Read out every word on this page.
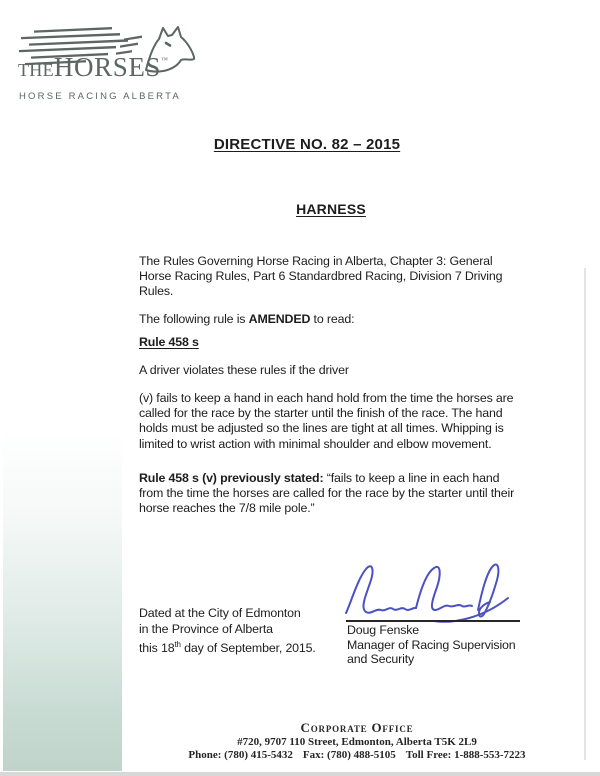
THEHORSES™
HORSE RACING ALBERTA
DIRECTIVE NO. 82 – 2015
HARNESS

The Rules Governing Horse Racing in Alberta, Chapter 3: General Horse Racing Rules, Part 6 Standardbred Racing, Division 7 Driving Rules.

The following rule is AMENDED to read:

Rule 458 s

A driver violates these rules if the driver

(v) fails to keep a hand in each hand hold from the time the horses are called for the race by the starter until the finish of the race. The hand holds must be adjusted so the lines are tight at all times. Whipping is limited to wrist action with minimal shoulder and elbow movement.

Rule 458 s (v) previously stated: “fails to keep a line in each hand from the time the horses are called for the race by the starter until their horse reaches the 7/8 mile pole.”

Dated at the City of Edmonton
in the Province of Alberta
this 18th day of September, 2015.
Doug Fenske
Manager of Racing Supervision
and Security
Corporate Office
#720, 9707 110 Street, Edmonton, Alberta T5K 2L9
Phone: (780) 415-5432 Fax: (780) 488-5105 Toll Free: 1-888-553-7223
